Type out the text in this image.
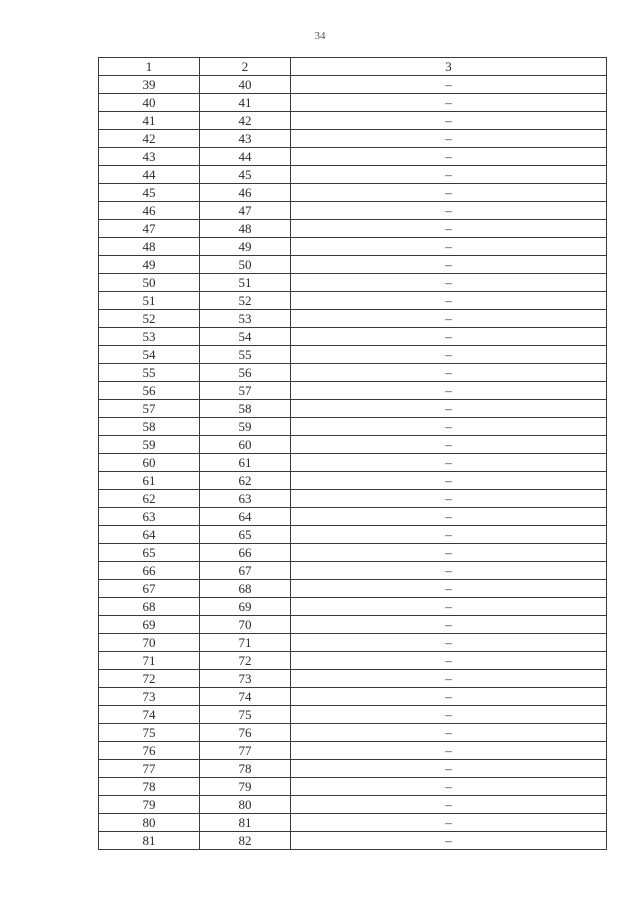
34
1	2	3
39	40	–
40	41	–
41	42	–
42	43	–
43	44	–
44	45	–
45	46	–
46	47	–
47	48	–
48	49	–
49	50	–
50	51	–
51	52	–
52	53	–
53	54	–
54	55	–
55	56	–
56	57	–
57	58	–
58	59	–
59	60	–
60	61	–
61	62	–
62	63	–
63	64	–
64	65	–
65	66	–
66	67	–
67	68	–
68	69	–
69	70	–
70	71	–
71	72	–
72	73	–
73	74	–
74	75	–
75	76	–
76	77	–
77	78	–
78	79	–
79	80	–
80	81	–
81	82	–
